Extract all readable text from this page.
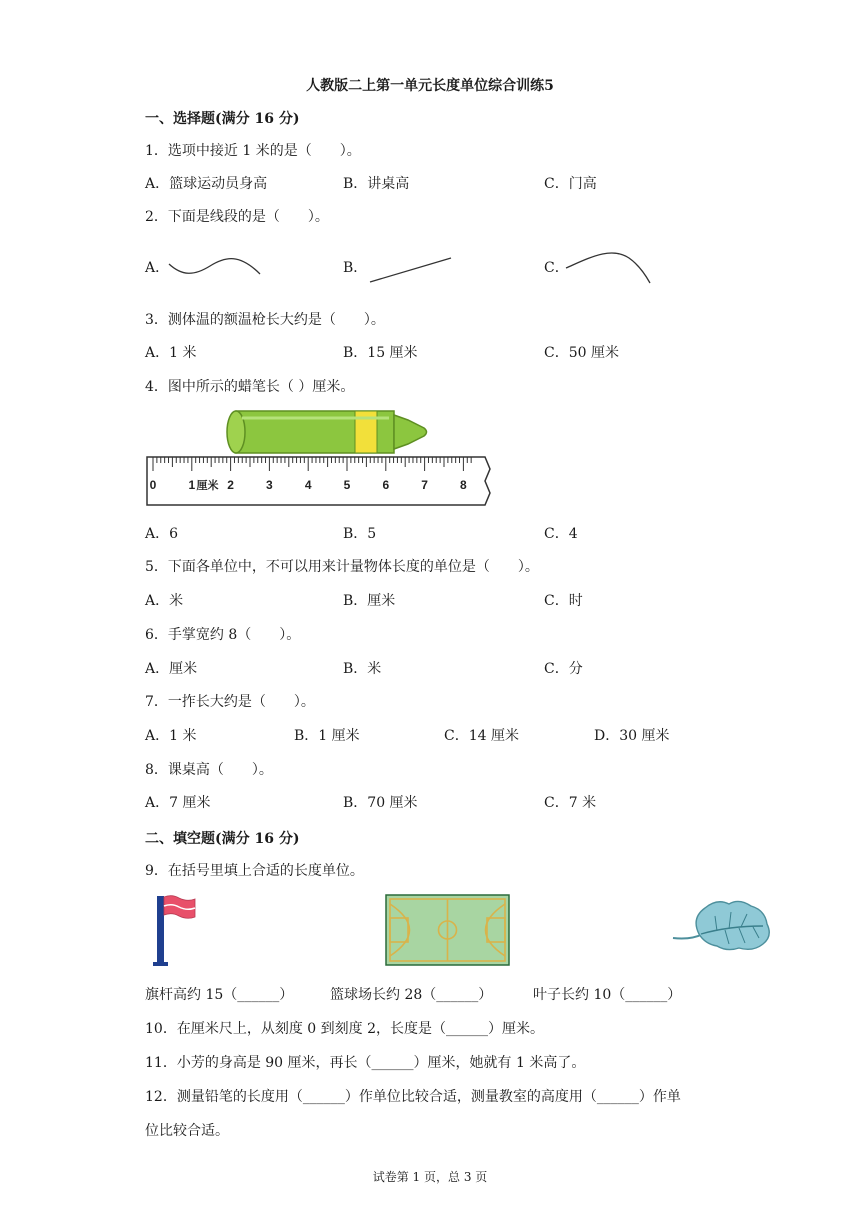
人教版二上第一单元长度单位综合训练5
一、选择题(满分 16 分)
1．选项中接近 1 米的是（　　）。
A．篮球运动员身高	B．讲桌高	C．门高
2．下面是线段的是（　　）。
A．	B．	C．
3．测体温的额温枪长大约是（　　）。
A．1 米	B．15 厘米	C．50 厘米
4．图中所示的蜡笔长（ ）厘米。
0	1	2	3	4	5	6	7	8
厘米
A．6	B．5	C．4
5．下面各单位中，不可以用来计量物体长度的单位是（　　）。
A．米	B．厘米	C．时
6．手掌宽约 8（　　）。
A．厘米	B．米	C．分
7．一拃长大约是（　　）。
A．1 米	B．1 厘米	C．14 厘米	D．30 厘米
8．课桌高（　　）。
A．7 厘米	B．70 厘米	C．7 米
二、填空题(满分 16 分)
9．在括号里填上合适的长度单位。
旗杆高约 15（______）	篮球场长约 28（______）	叶子长约 10（______）
10．在厘米尺上，从刻度 0 到刻度 2，长度是（______）厘米。
11．小芳的身高是 90 厘米，再长（______）厘米，她就有 1 米高了。
12．测量铅笔的长度用（______）作单位比较合适，测量教室的高度用（______）作单
位比较合适。
试卷第 1 页，总 3 页
